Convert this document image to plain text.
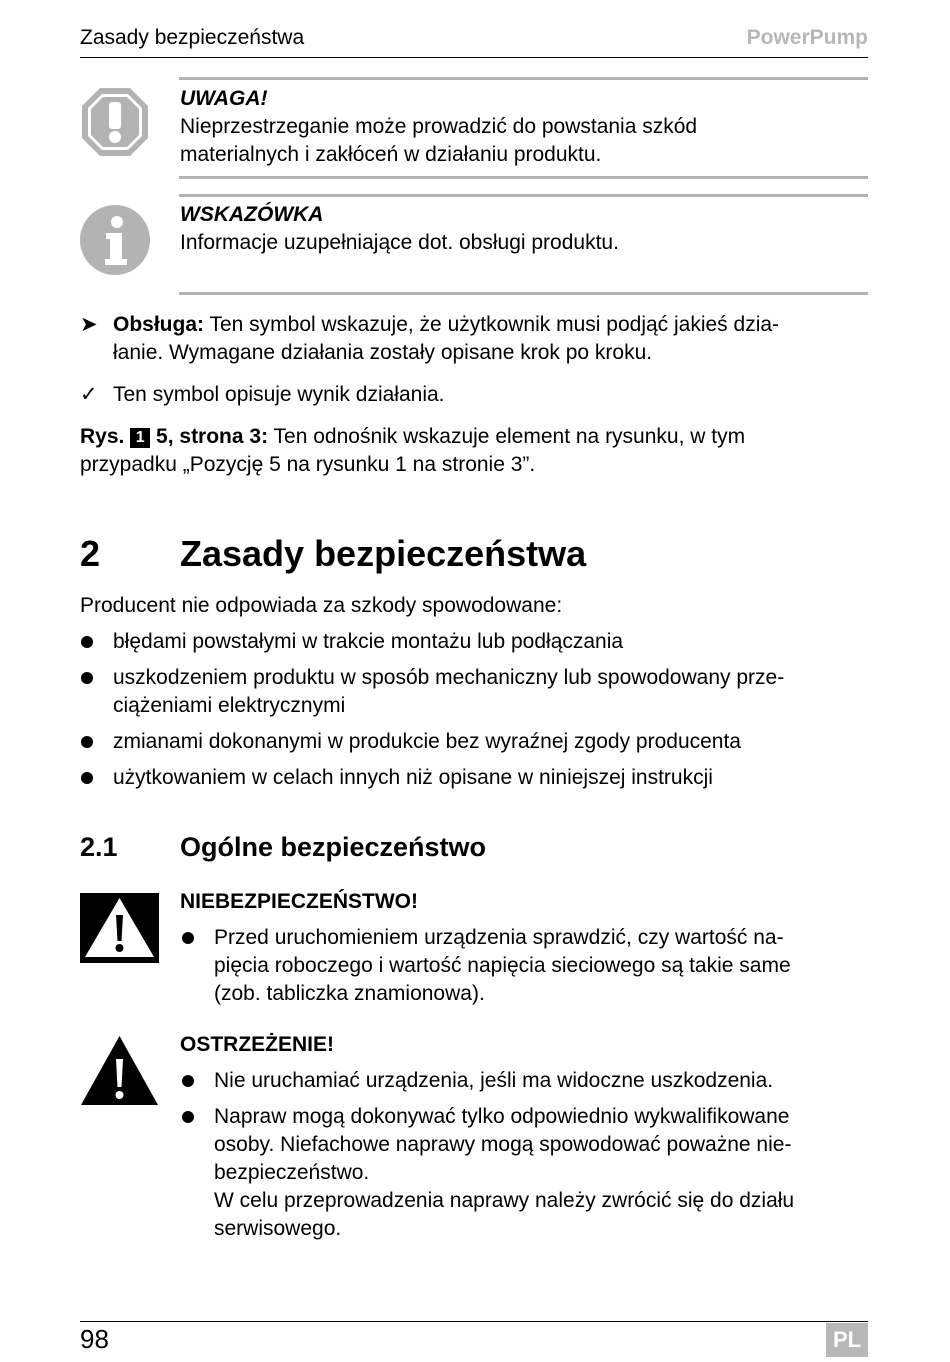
Zasady bezpieczeństwa	PowerPump
UWAGA!
Nieprzestrzeganie może prowadzić do powstania szkód
materialnych i zakłóceń w działaniu produktu.
WSKAZÓWKA
Informacje uzupełniające dot. obsługi produktu.
➤ Obsługa: Ten symbol wskazuje, że użytkownik musi podjąć jakieś dzia-
łanie. Wymagane działania zostały opisane krok po kroku.
✓ Ten symbol opisuje wynik działania.
Rys. 1 5, strona 3: Ten odnośnik wskazuje element na rysunku, w tym
przypadku „Pozycję 5 na rysunku 1 na stronie 3”.
2 Zasady bezpieczeństwa
Producent nie odpowiada za szkody spowodowane:
błędami powstałymi w trakcie montażu lub podłączania
uszkodzeniem produktu w sposób mechaniczny lub spowodowany prze-
ciążeniami elektrycznymi
zmianami dokonanymi w produkcie bez wyraźnej zgody producenta
użytkowaniem w celach innych niż opisane w niniejszej instrukcji
2.1 Ogólne bezpieczeństwo
NIEBEZPIECZEŃSTWO!
Przed uruchomieniem urządzenia sprawdzić, czy wartość na-
pięcia roboczego i wartość napięcia sieciowego są takie same
(zob. tabliczka znamionowa).
OSTRZEŻENIE!
Nie uruchamiać urządzenia, jeśli ma widoczne uszkodzenia.
Napraw mogą dokonywać tylko odpowiednio wykwalifikowane
osoby. Niefachowe naprawy mogą spowodować poważne nie-
bezpieczeństwo.
W celu przeprowadzenia naprawy należy zwrócić się do działu
serwisowego.
98	PL
